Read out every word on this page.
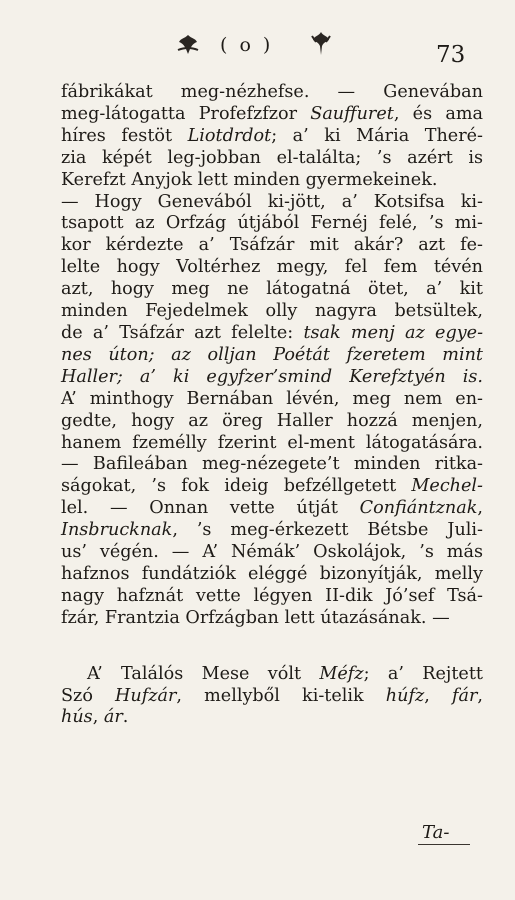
( o )	73
fábrikákat meg-nézhefse. — Genevában
meg-látogatta Profefzfzor Sauffuret, és ama
híres festöt Liotdrdot; a’ ki Mária Theré-
zia képét leg-jobban el-találta; ’s azért is
Kerefzt Anyjok lett minden gyermekeinek.
— Hogy Genevából ki-jött, a’ Kotsifsa ki-
tsapott az Orfzág útjából Fernéj felé, ’s mi-
kor kérdezte a’ Tsáfzár mit akár? azt fe-
lelte hogy Voltérhez megy, fel fem tévén
azt, hogy meg ne látogatná ötet, a’ kit
minden Fejedelmek olly nagyra betsültek,
de a’ Tsáfzár azt felelte: tsak menj az egye-
nes úton; az olljan Poétát fzeretem mint
Haller; a’ ki egyfzer’smind Kerefztyén is.
A’ minthogy Bernában lévén, meg nem en-
gedte, hogy az öreg Haller hozzá menjen,
hanem fzemélly fzerint el-ment látogatására.
— Bafileában meg-nézegete’t minden ritka-
ságokat, ’s fok ideig befzéllgetett Mechel-
lel. — Onnan vette útját Confiántznak,
Insbrucknak, ’s meg-érkezett Bétsbe Juli-
us’ végén. — A’ Némák’ Oskolájok, ’s más
hafznos fundátziók eléggé bizonyítják, melly
nagy hafznát vette légyen II-dik Jó’sef Tsá-
fzár, Frantzia Orfzágban lett útazásának. —
A’ Találós Mese vólt Méfz; a’ Rejtett
Szó Hufzár, mellyből ki-telik húfz, fár,
hús, ár.
Ta-
